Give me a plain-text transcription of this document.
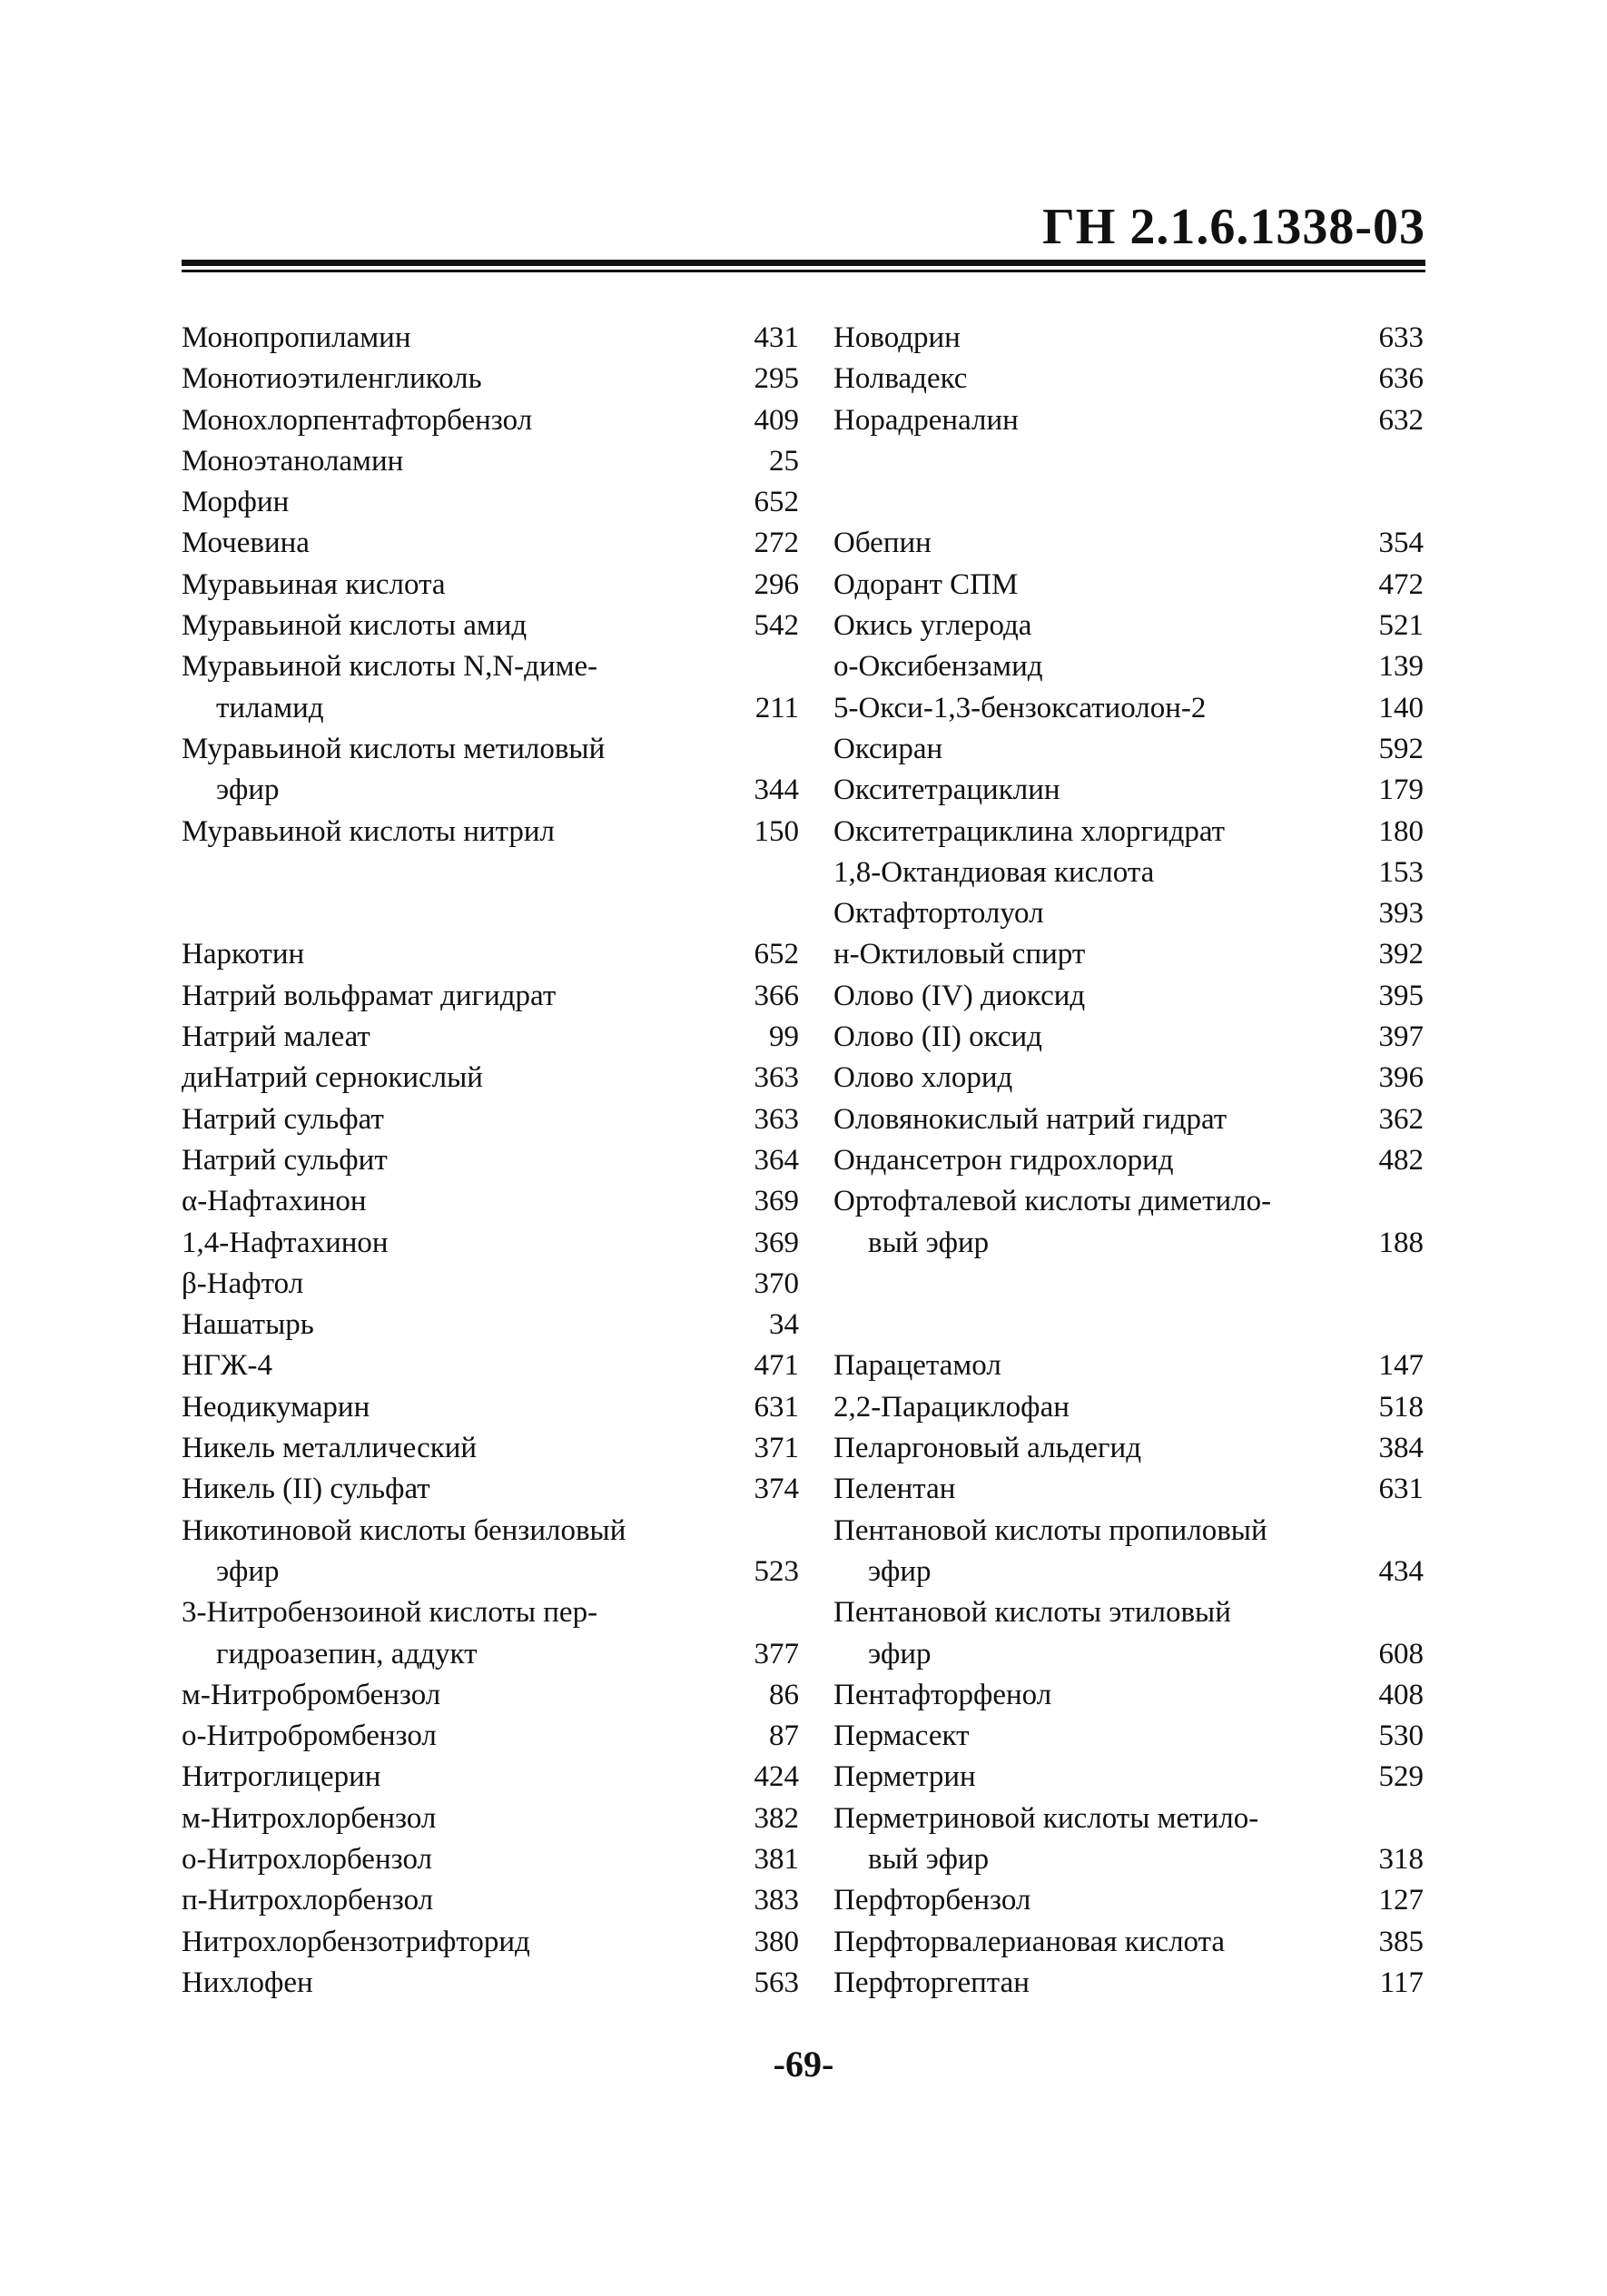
ГН 2.1.6.1338-03
Монопропиламин	431
Монотиоэтиленгликоль	295
Монохлорпентафторбензол	409
Моноэтаноламин	25
Морфин	652
Мочевина	272
Муравьиная кислота	296
Муравьиной кислоты амид	542
Муравьиной кислоты N,N-диме-
тиламид	211
Муравьиной кислоты метиловый
эфир	344
Муравьиной кислоты нитрил	150
Наркотин	652
Натрий вольфрамат дигидрат	366
Натрий малеат	99
диНатрий сернокислый	363
Натрий сульфат	363
Натрий сульфит	364
α-Нафтахинон	369
1,4-Нафтахинон	369
β-Нафтол	370
Нашатырь	34
НГЖ-4	471
Неодикумарин	631
Никель металлический	371
Никель (II) сульфат	374
Никотиновой кислоты бензиловый
эфир	523
3-Нитробензоиной кислоты пер-
гидроазепин, аддукт	377
м-Нитробромбензол	86
о-Нитробромбензол	87
Нитроглицерин	424
м-Нитрохлорбензол	382
о-Нитрохлорбензол	381
п-Нитрохлорбензол	383
Нитрохлорбензотрифторид	380
Нихлофен	563
Новодрин	633
Нолвадекс	636
Норадреналин	632
Обепин	354
Одорант СПМ	472
Окись углерода	521
о-Оксибензамид	139
5-Окси-1,3-бензоксатиолон-2	140
Оксиран	592
Окситетрациклин	179
Окситетрациклина хлоргидрат	180
1,8-Октандиовая кислота	153
Октафтортолуол	393
н-Октиловый спирт	392
Олово (IV) диоксид	395
Олово (II) оксид	397
Олово хлорид	396
Оловянокислый натрий гидрат	362
Ондансетрон гидрохлорид	482
Ортофталевой кислоты диметило-
вый эфир	188
Парацетамол	147
2,2-Парациклофан	518
Пеларгоновый альдегид	384
Пелентан	631
Пентановой кислоты пропиловый
эфир	434
Пентановой кислоты этиловый
эфир	608
Пентафторфенол	408
Пермасект	530
Перметрин	529
Перметриновой кислоты метило-
вый эфир	318
Перфторбензол	127
Перфторвалериановая кислота	385
Перфторгептан	117
-69-
